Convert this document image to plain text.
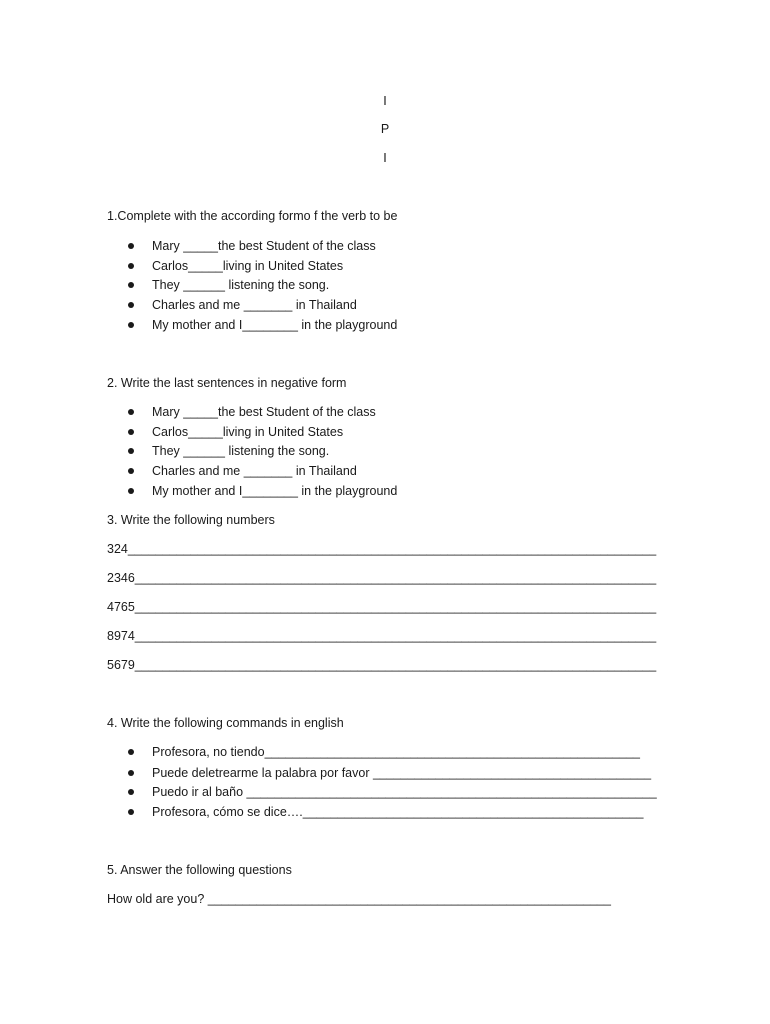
I
P
I
1.Complete with the according formo f the verb to be
Mary _____the best Student of the class
Carlos_____living in United States
They ______ listening the song.
Charles and me _______ in Thailand
My mother and I________ in the playground
2. Write the last sentences in negative form
Mary _____the best Student of the class
Carlos_____living in United States
They ______ listening the song.
Charles and me _______ in Thailand
My mother and I________ in the playground
3. Write the following numbers
324____________________________________________________________________________
2346___________________________________________________________________________
4765___________________________________________________________________________
8974___________________________________________________________________________
5679___________________________________________________________________________
4. Write the following commands in english
Profesora, no tiendo______________________________________________________
Puede deletrearme la palabra por favor ________________________________________
Puedo ir al baño ___________________________________________________________
Profesora, cómo se dice…._________________________________________________
5. Answer the following questions
How old are you? __________________________________________________________
